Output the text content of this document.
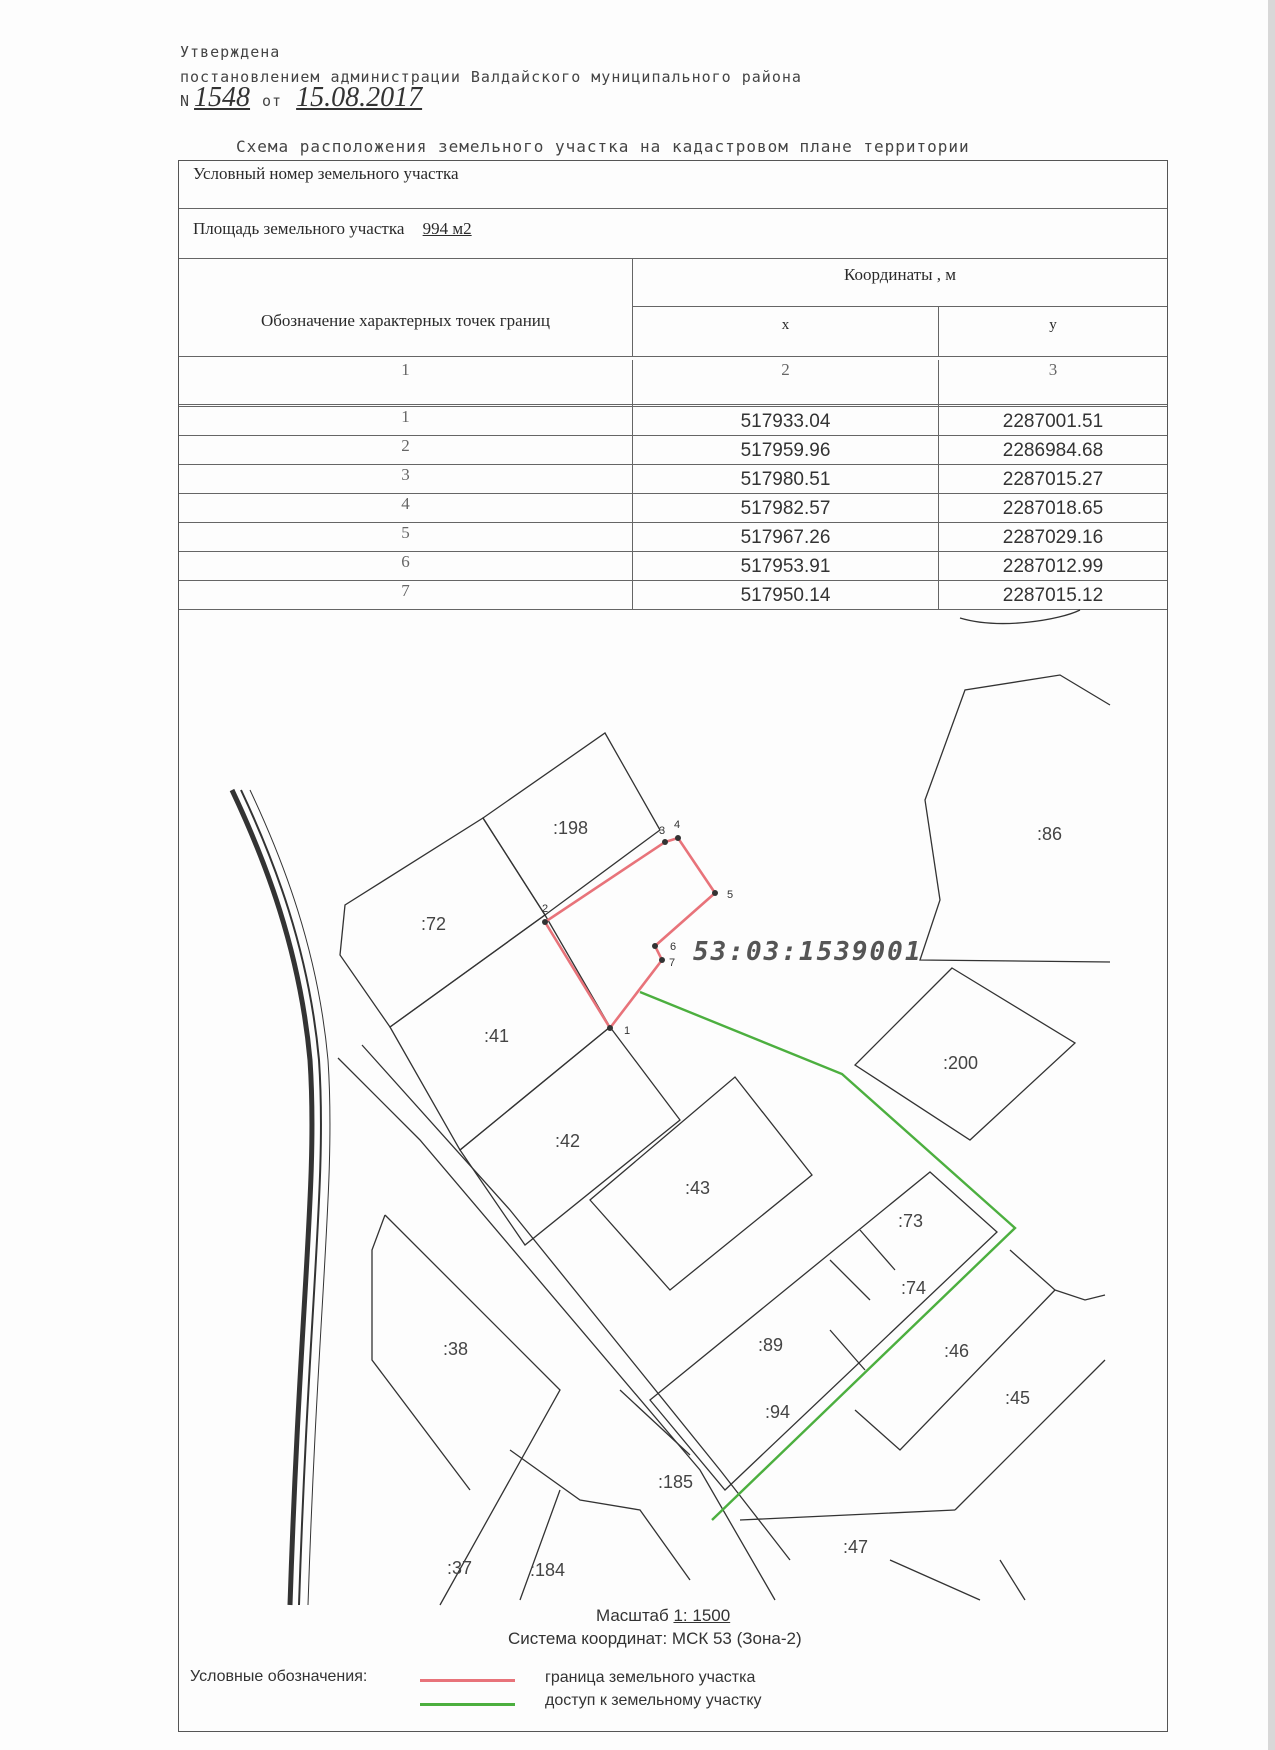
Утверждена
постановлением администрации Валдайского муниципального района
N 1548 от 15.08.2017
Схема расположения земельного участка на кадастровом плане территории
Условный номер земельного участка
Площадь земельного участка 994 м2
Обозначение характерных точек границ
Координаты , м
x	y
1	2	3
1	517933.04	2287001.51
2	517959.96	2286984.68
3	517980.51	2287015.27
4	517982.57	2287018.65
5	517967.26	2287029.16
6	517953.91	2287012.99
7	517950.14	2287015.12
1
2
3 4
5
6
7 53:03:1539001
:198	:86
:72
:41
:200
:42
:43
:73
:74
:89	:46
:38
:94
:45
:185
:47
:37	:184
Масштаб 1: 1500
Система координат: МСК 53 (Зона-2)
Условные обозначения:	граница земельного участка
доступ к земельному участку
